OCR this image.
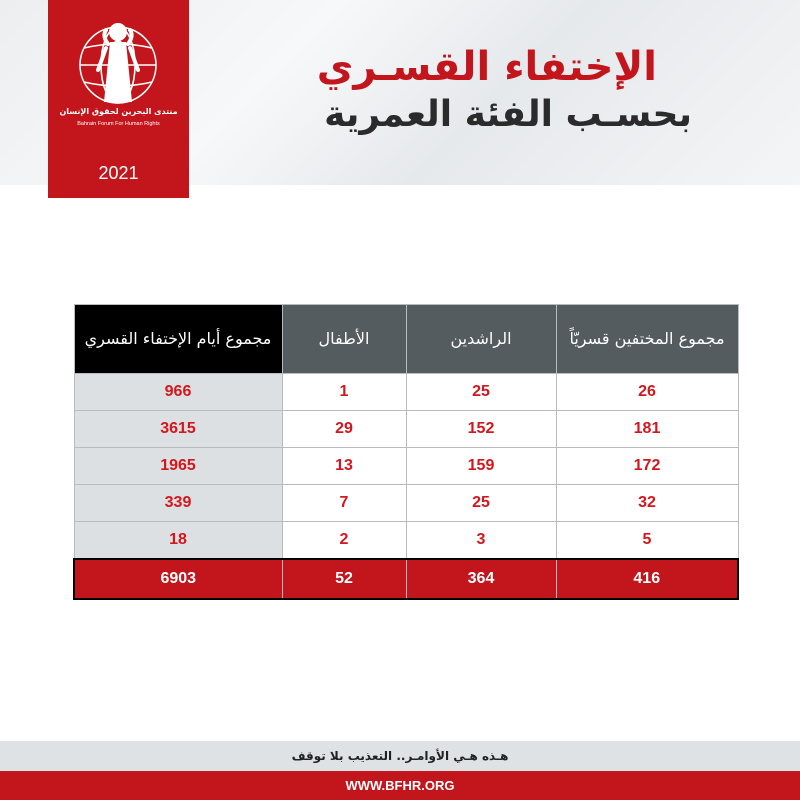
منتدى البحرين لحقوق الإنسان
Bahrain Forum For Human Rights
2021
الإختفاء القسـري
بحسـب الفئة العمرية
مجموع المختفين قسريّاً	الراشدين	الأطفال	مجموع أيام الإختفاء القسري
26	25	1	966
181	152	29	3615
172	159	13	1965
32	25	7	339
5	3	2	18
416	364	52	6903
هـذه هـي الأوامـر.. التعذيب بلا توقف
WWW.BFHR.ORG
